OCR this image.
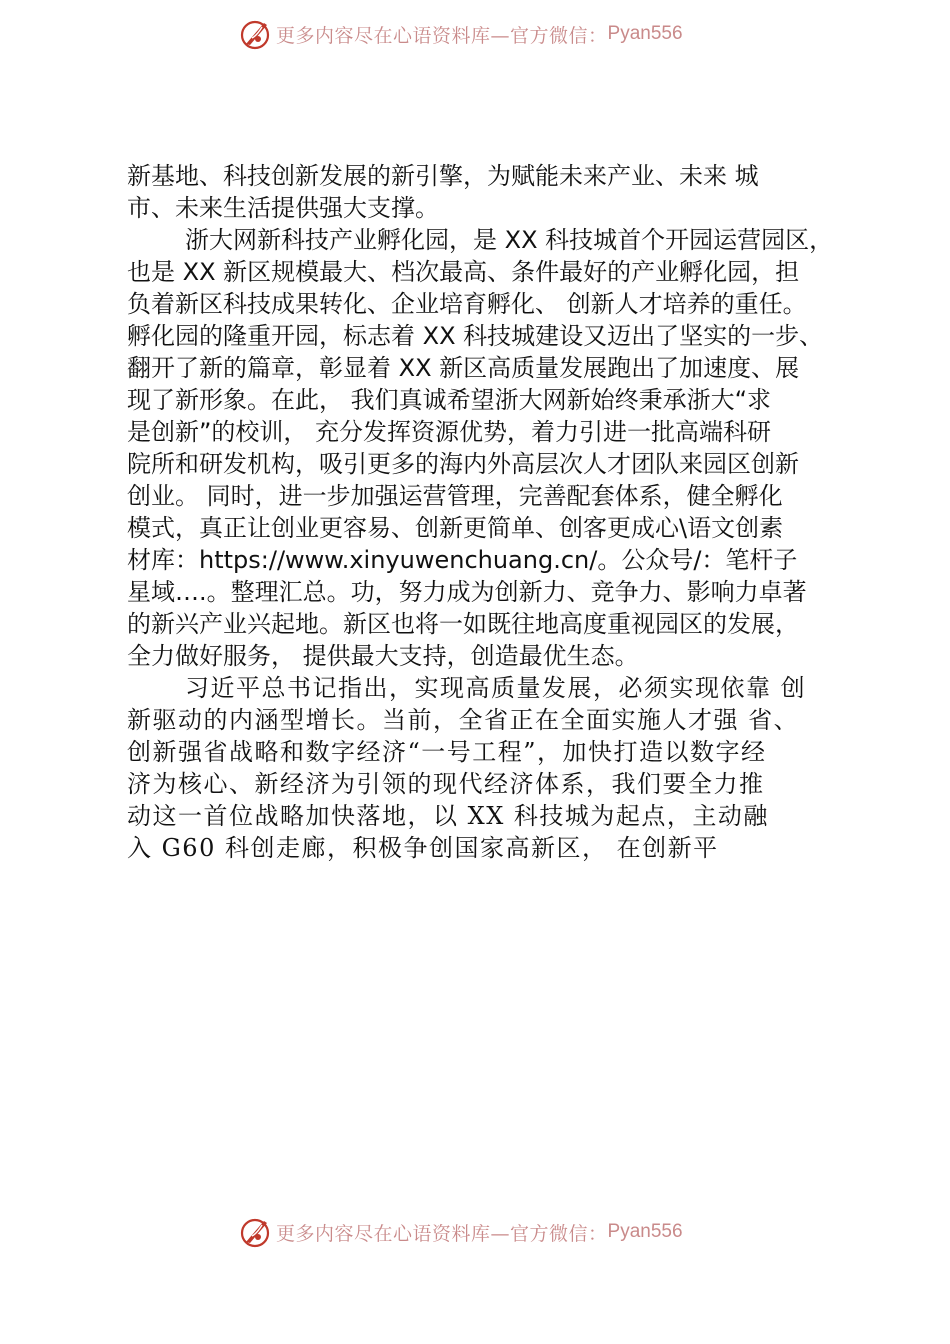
更多内容尽在心语资料库—官方微信： Pyan556
新基地、科技创新发展的新引擎，为赋能未来产业、未来 城
市、未来生活提供强大支撑。
浙大网新科技产业孵化园，是 XX 科技城首个开园运营园区，
也是 XX 新区规模最大、档次最高、条件最好的产业孵化园，担
负着新区科技成果转化、企业培育孵化、 创新人才培养的重任。
孵化园的隆重开园，标志着 XX 科技城建设又迈出了坚实的一步、
翻开了新的篇章，彰显着 XX 新区高质量发展跑出了加速度、展
现了新形象。在此， 我们真诚希望浙大网新始终秉承浙大“求
是创新”的校训， 充分发挥资源优势，着力引进一批高端科研
院所和研发机构，吸引更多的海内外高层次人才团队来园区创新
创业。 同时，进一步加强运营管理，完善配套体系，健全孵化
模式，真正让创业更容易、创新更简单、创客更成心\语文创素
材库：https://www.xinyuwenchuang.cn/。公众号/：笔杆子
星域….。整理汇总。功，努力成为创新力、竞争力、影响力卓著
的新兴产业兴起地。新区也将一如既往地高度重视园区的发展，
全力做好服务， 提供最大支持，创造最优生态。
习近平总书记指出，实现高质量发展，必须实现依靠 创
新驱动的内涵型增长。当前，全省正在全面实施人才强 省、
创新强省战略和数字经济“一号工程”，加快打造以数字经
济为核心、新经济为引领的现代经济体系，我们要全力推
动这一首位战略加快落地，以 XX 科技城为起点，主动融
入 G60 科创走廊，积极争创国家高新区， 在创新平
更多内容尽在心语资料库—官方微信： Pyan556
